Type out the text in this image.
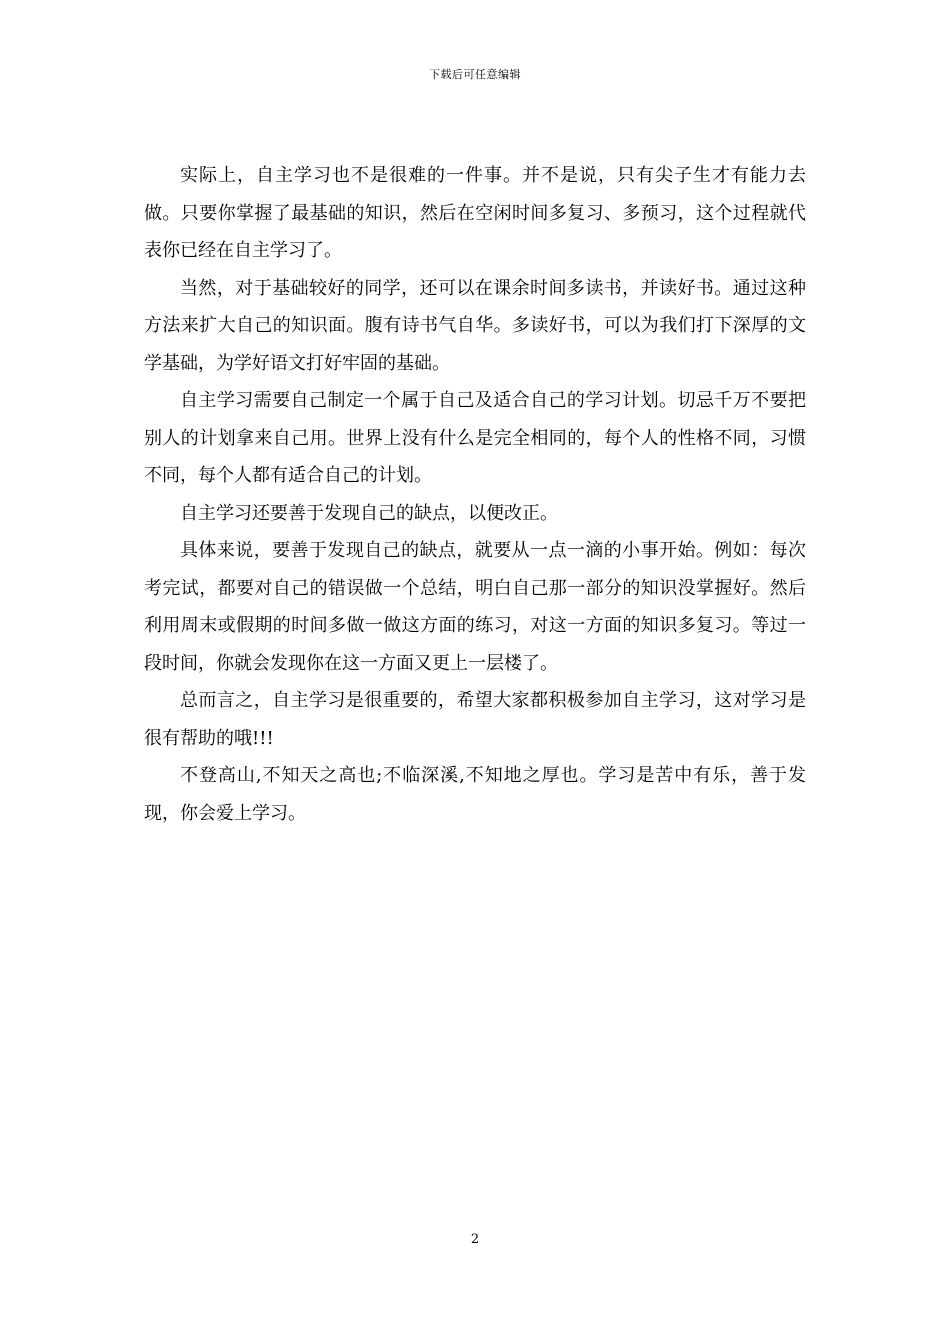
下载后可任意编辑

实际上，自主学习也不是很难的一件事。并不是说，只有尖子生才有能力去做。只要你掌握了最基础的知识，然后在空闲时间多复习、多预习，这个过程就代表你已经在自主学习了。

当然，对于基础较好的同学，还可以在课余时间多读书，并读好书。通过这种方法来扩大自己的知识面。腹有诗书气自华。多读好书，可以为我们打下深厚的文学基础，为学好语文打好牢固的基础。

自主学习需要自己制定一个属于自己及适合自己的学习计划。切忌千万不要把别人的计划拿来自己用。世界上没有什么是完全相同的，每个人的性格不同，习惯不同，每个人都有适合自己的计划。

自主学习还要善于发现自己的缺点，以便改正。

具体来说，要善于发现自己的缺点，就要从一点一滴的小事开始。例如：每次考完试，都要对自己的错误做一个总结，明白自己那一部分的知识没掌握好。然后利用周末或假期的时间多做一做这方面的练习，对这一方面的知识多复习。等过一段时间，你就会发现你在这一方面又更上一层楼了。

总而言之，自主学习是很重要的，希望大家都积极参加自主学习，这对学习是很有帮助的哦!!!

不登高山,不知天之高也;不临深溪,不知地之厚也。学习是苦中有乐，善于发现，你会爱上学习。

2
